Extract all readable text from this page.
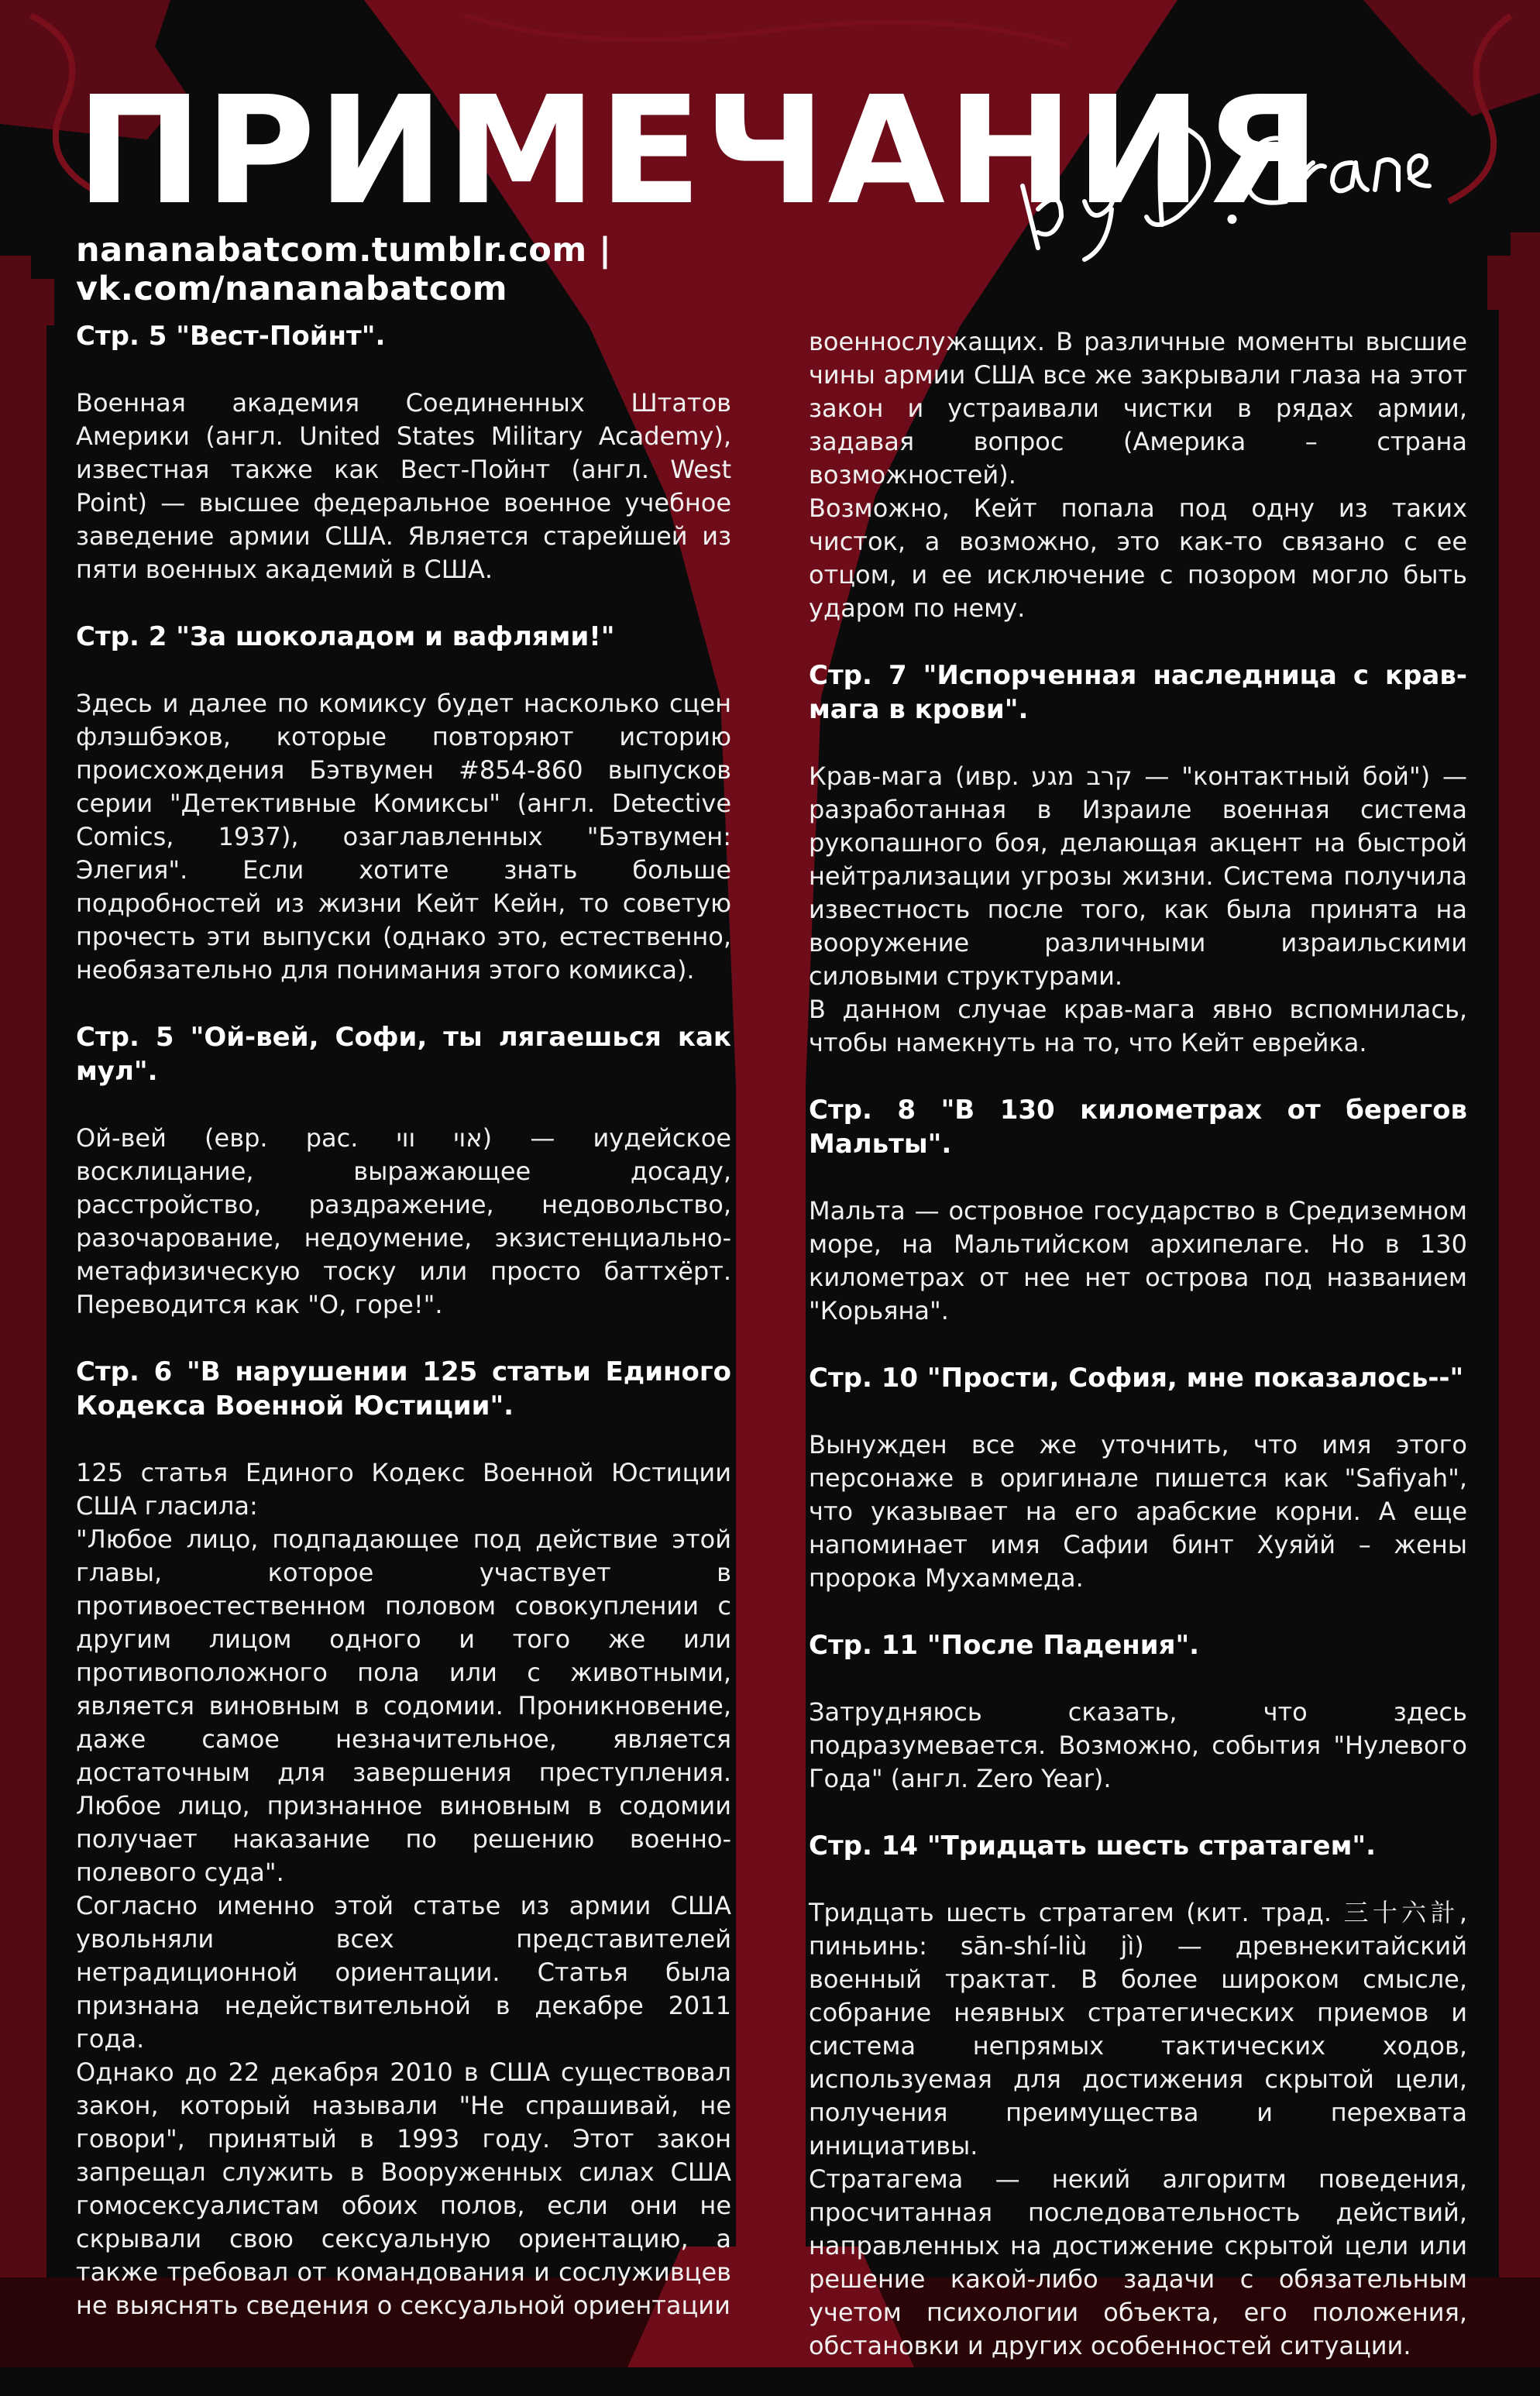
ПРИМЕЧАНИЯ
nananabatcom.tumblr.com | vk.com/nananabatcom
Стр. 5 "Вест-Пойнт".

Военная академия Соединенных Штатов Америки (англ. United States Military Academy), известная также как Вест-Пойнт (англ. West Point) — высшее федеральное военное учебное заведение армии США. Является старейшей из пяти военных академий в США.

Стр. 2 "За шоколадом и вафлями!"

Здесь и далее по комиксу будет насколько сцен флэшбэков, которые повторяют историю происхождения Бэтвумен #854-860 выпусков серии "Детективные Комиксы" (англ. Detective Comics, 1937), озаглавленных "Бэтвумен: Элегия". Если хотите знать больше подробностей из жизни Кейт Кейн, то советую прочесть эти выпуски (однако это, естественно, необязательно для понимания этого комикса).

Стр. 5 "Ой-вей, Софи, ты лягаешься как мул".

Ой-вей (евр. рас. אוי ווי) — иудейское восклицание, выражающее досаду, расстройство, раздражение, недовольство, разочарование, недоумение, экзистенциально-метафизическую тоску или просто баттхёрт. Переводится как "О, горе!".

Стр. 6 "В нарушении 125 статьи Единого Кодекса Военной Юстиции".

125 статья Единого Кодекс Военной Юстиции США гласила:

"Любое лицо, подпадающее под действие этой главы, которое участвует в противоестественном половом совокуплении с другим лицом одного и того же или противоположного пола или с животными, является виновным в содомии. Проникновение, даже самое незначительное, является достаточным для завершения преступления. Любое лицо, признанное виновным в содомии получает наказание по решению военно-полевого суда".

Согласно именно этой статье из армии США увольняли всех представителей нетрадиционной ориентации. Статья была признана недействительной в декабре 2011 года.

Однако до 22 декабря 2010 в США существовал закон, который называли "Не спрашивай, не говори", принятый в 1993 году. Этот закон запрещал служить в Вооруженных силах США гомосексуалистам обоих полов, если они не скрывали свою сексуальную ориентацию, а также требовал от командования и сослуживцев не выяснять сведения о сексуальной ориентации

военнослужащих. В различные моменты высшие чины армии США все же закрывали глаза на этот закон и устраивали чистки в рядах армии, задавая вопрос (Америка – страна возможностей).

Возможно, Кейт попала под одну из таких чисток, а возможно, это как-то связано с ее отцом, и ее исключение с позором могло быть ударом по нему.

Стр. 7 "Испорченная наследница с крав-мага в крови".

Крав-мага (ивр. קרב מגע — "контактный бой") — разработанная в Израиле военная система рукопашного боя, делающая акцент на быстрой нейтрализации угрозы жизни. Система получила известность после того, как была принята на вооружение различными израильскими силовыми структурами.

В данном случае крав-мага явно вспомнилась, чтобы намекнуть на то, что Кейт еврейка.

Стр. 8 "В 130 километрах от берегов Мальты".

Мальта — островное государство в Средиземном море, на Мальтийском архипелаге. Но в 130 километрах от нее нет острова под названием "Корьяна".

Стр. 10 "Прости, София, мне показалось--"

Вынужден все же уточнить, что имя этого персонаже в оригинале пишется как "Safiyah", что указывает на его арабские корни. А еще напоминает имя Сафии бинт Хуяйй – жены пророка Мухаммеда.

Стр. 11 "После Падения".

Затрудняюсь сказать, что здесь подразумевается. Возможно, события "Нулевого Года" (англ. Zero Year).

Стр. 14 "Тридцать шесть стратагем".

Тридцать шесть стратагем (кит. трад. 三十六計, пиньинь: sān-shí-liù jì) — древнекитайский военный трактат. В более широком смысле, собрание неявных стратегических приемов и система непрямых тактических ходов, используемая для достижения скрытой цели, получения преимущества и перехвата инициативы.

Стратагема — некий алгоритм поведения, просчитанная последовательность действий, направленных на достижение скрытой цели или решение какой-либо задачи с обязательным учетом психологии объекта, его положения, обстановки и других особенностей ситуации.
